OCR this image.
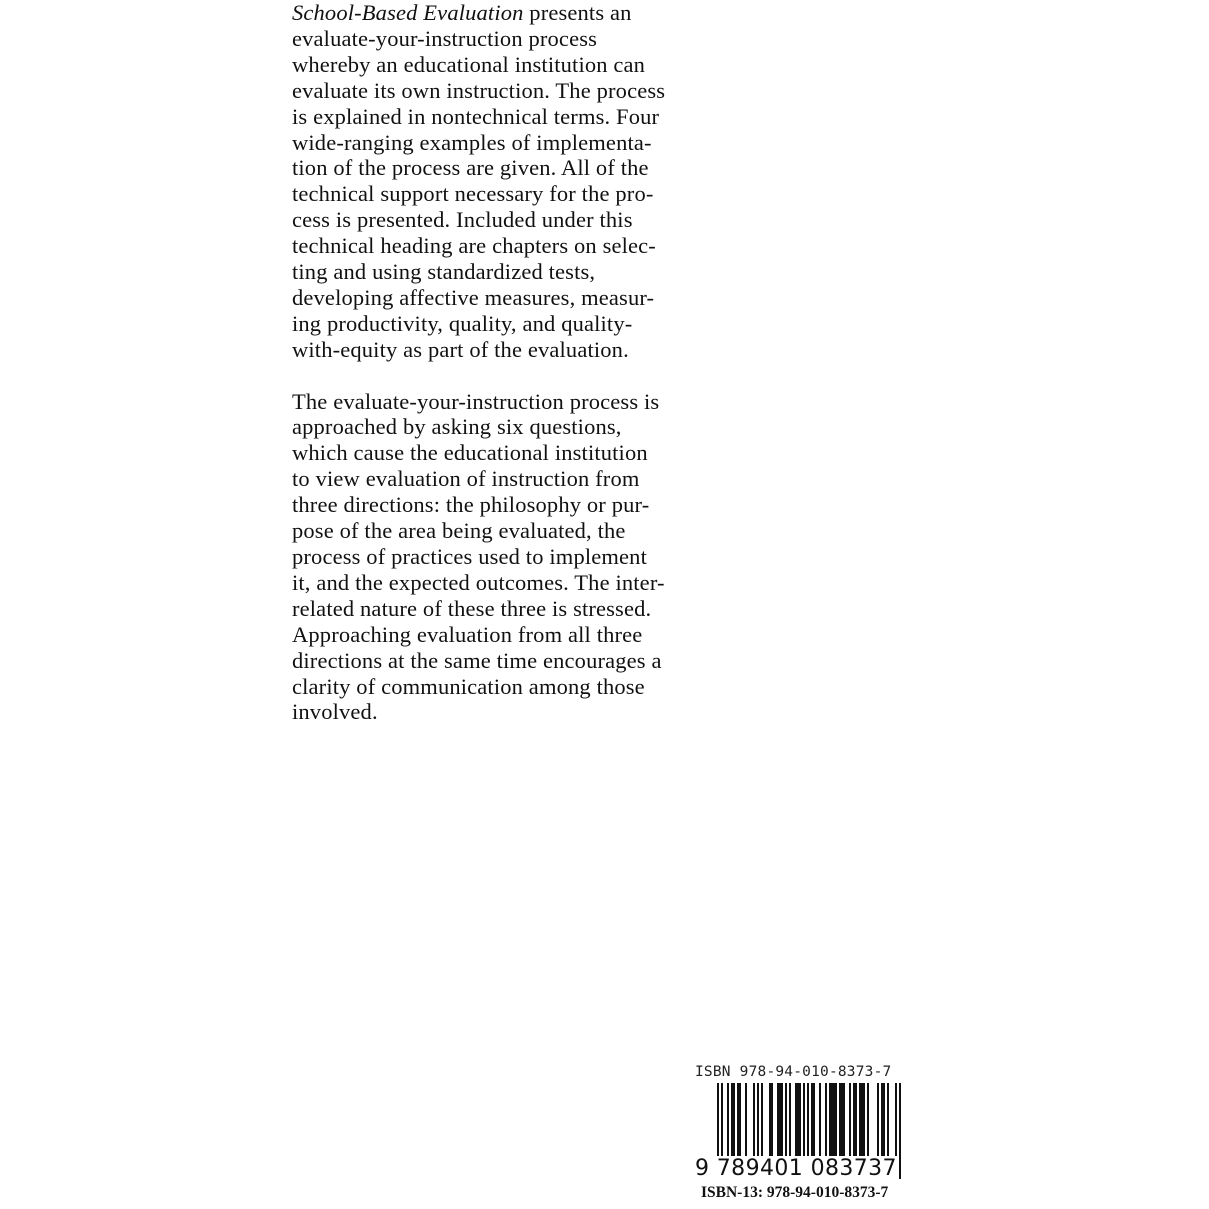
School-Based Evaluation presents an
evaluate-your-instruction process
whereby an educational institution can
evaluate its own instruction. The process
is explained in nontechnical terms. Four
wide-ranging examples of implementa-
tion of the process are given. All of the
technical support necessary for the pro-
cess is presented. Included under this
technical heading are chapters on selec-
ting and using standardized tests,
developing affective measures, measur-
ing productivity, quality, and quality-
with-equity as part of the evaluation.

The evaluate-your-instruction process is
approached by asking six questions,
which cause the educational institution
to view evaluation of instruction from
three directions: the philosophy or pur-
pose of the area being evaluated, the
process of practices used to implement
it, and the expected outcomes. The inter-
related nature of these three is stressed.
Approaching evaluation from all three
directions at the same time encourages a
clarity of communication among those
involved.

ISBN 978-94-010-8373-7
9 789401 083737
ISBN-13: 978-94-010-8373-7
